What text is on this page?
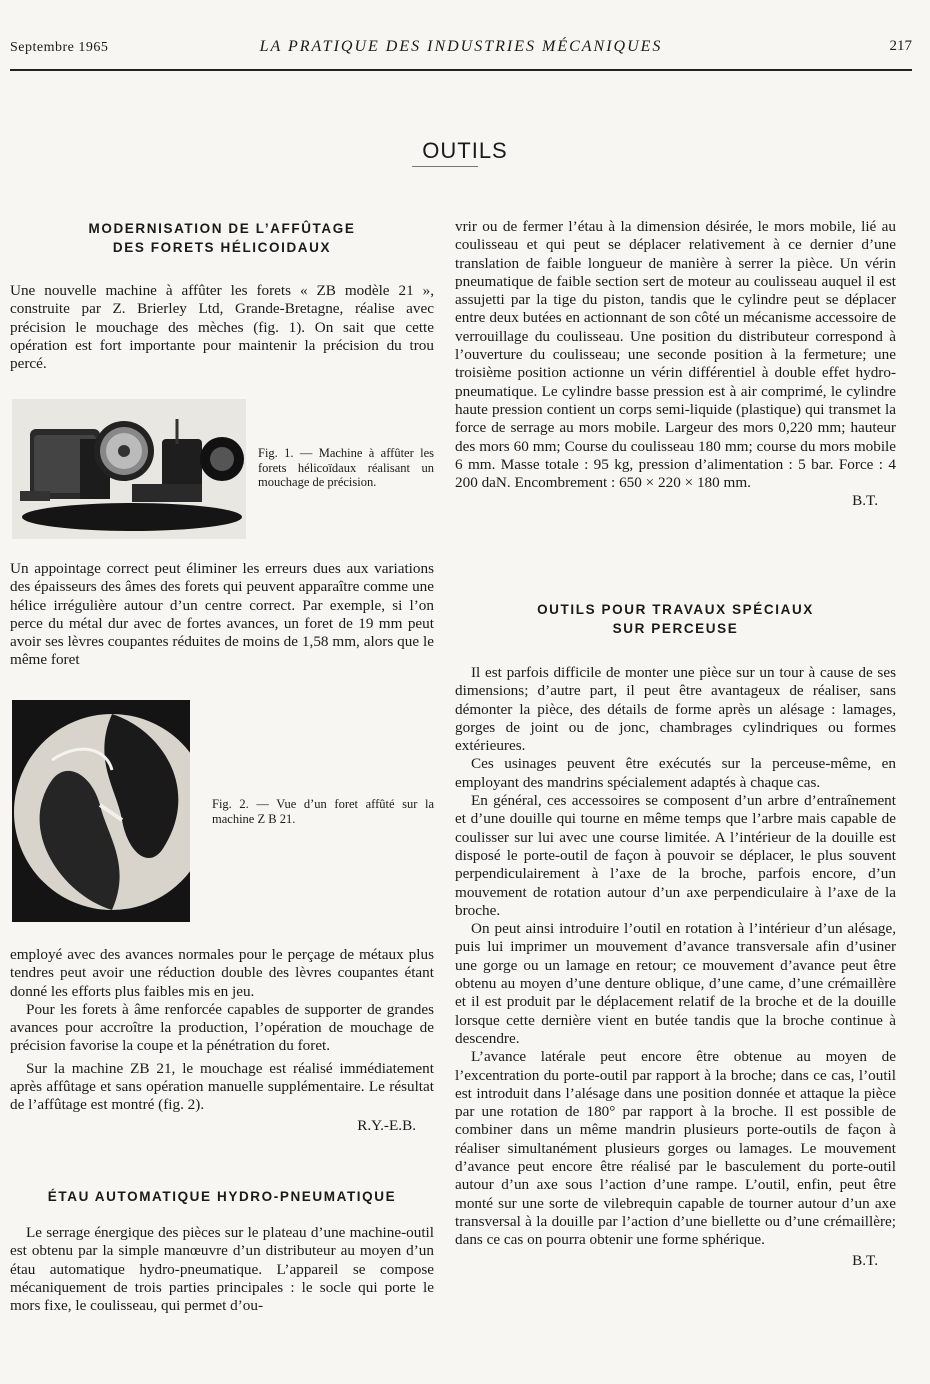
Septembre 1965	LA PRATIQUE DES INDUSTRIES MÉCANIQUES	217
OUTILS
MODERNISATION DE L’AFFÛTAGE
DES FORETS HÉLICOIDAUX

Une nouvelle machine à affûter les forets « ZB modèle 21 », construite par Z. Brierley Ltd, Grande-Bretagne, réalise avec précision le mouchage des mèches (fig. 1). On sait que cette opération est fort importante pour maintenir la précision du trou percé.

Fig. 1. — Machine à affûter les forets hélicoïdaux réalisant un mouchage de précision.

Un appointage correct peut éliminer les erreurs dues aux variations des épaisseurs des âmes des forets qui peuvent apparaître comme une hélice irrégulière autour d’un centre correct. Par exemple, si l’on perce du métal dur avec de fortes avances, un foret de 19 mm peut avoir ses lèvres coupantes réduites de moins de 1,58 mm, alors que le même foret

Fig. 2. — Vue d’un foret affûté sur la machine Z B 21.

employé avec des avances normales pour le perçage de métaux plus tendres peut avoir une réduction double des lèvres coupantes étant donné les efforts plus faibles mis en jeu.

Pour les forets à âme renforcée capables de supporter de grandes avances pour accroître la production, l’opération de mouchage de précision favorise la coupe et la pénétration du foret.

Sur la machine ZB 21, le mouchage est réalisé immédiatement après affûtage et sans opération manuelle supplémentaire. Le résultat de l’affûtage est montré (fig. 2).

R.Y.-E.B.

ÉTAU AUTOMATIQUE HYDRO-PNEUMATIQUE

Le serrage énergique des pièces sur le plateau d’une machine-outil est obtenu par la simple manœuvre d’un distributeur au moyen d’un étau automatique hydro-pneumatique. L’appareil se compose mécaniquement de trois parties principales : le socle qui porte le mors fixe, le coulisseau, qui permet d’ou-

vrir ou de fermer l’étau à la dimension désirée, le mors mobile, lié au coulisseau et qui peut se déplacer relativement à ce dernier d’une translation de faible longueur de manière à serrer la pièce. Un vérin pneumatique de faible section sert de moteur au coulisseau auquel il est assujetti par la tige du piston, tandis que le cylindre peut se déplacer entre deux butées en actionnant de son côté un mécanisme accessoire de verrouillage du coulisseau. Une position du distributeur correspond à l’ouverture du coulisseau; une seconde position à la fermeture; une troisième position actionne un vérin différentiel à double effet hydro-pneumatique. Le cylindre basse pression est à air comprimé, le cylindre haute pression contient un corps semi-liquide (plastique) qui transmet la force de serrage au mors mobile. Largeur des mors 0,220 mm; hauteur des mors 60 mm; Course du coulisseau 180 mm; course du mors mobile 6 mm. Masse totale : 95 kg, pression d’alimentation : 5 bar. Force : 4 200 daN. Encombrement : 650 × 220 × 180 mm.

B.T.

OUTILS POUR TRAVAUX SPÉCIAUX
SUR PERCEUSE

Il est parfois difficile de monter une pièce sur un tour à cause de ses dimensions; d’autre part, il peut être avantageux de réaliser, sans démonter la pièce, des détails de forme après un alésage : lamages, gorges de joint ou de jonc, chambrages cylindriques ou formes extérieures.

Ces usinages peuvent être exécutés sur la perceuse-même, en employant des mandrins spécialement adaptés à chaque cas.

En général, ces accessoires se composent d’un arbre d’entraînement et d’une douille qui tourne en même temps que l’arbre mais capable de coulisser sur lui avec une course limitée. A l’intérieur de la douille est disposé le porte-outil de façon à pouvoir se déplacer, le plus souvent perpendiculairement à l’axe de la broche, parfois encore, d’un mouvement de rotation autour d’un axe perpendiculaire à l’axe de la broche.

On peut ainsi introduire l’outil en rotation à l’intérieur d’un alésage, puis lui imprimer un mouvement d’avance transversale afin d’usiner une gorge ou un lamage en retour; ce mouvement d’avance peut être obtenu au moyen d’une denture oblique, d’une came, d’une crémaillère et il est produit par le déplacement relatif de la broche et de la douille lorsque cette dernière vient en butée tandis que la broche continue à descendre.

L’avance latérale peut encore être obtenue au moyen de l’excentration du porte-outil par rapport à la broche; dans ce cas, l’outil est introduit dans l’alésage dans une position donnée et attaque la pièce par une rotation de 180° par rapport à la broche. Il est possible de combiner dans un même mandrin plusieurs porte-outils de façon à réaliser simultanément plusieurs gorges ou lamages. Le mouvement d’avance peut encore être réalisé par le basculement du porte-outil autour d’un axe sous l’action d’une rampe. L’outil, enfin, peut être monté sur une sorte de vilebrequin capable de tourner autour d’un axe transversal à la douille par l’action d’une biellette ou d’une crémaillère; dans ce cas on pourra obtenir une forme sphérique.

B.T.
